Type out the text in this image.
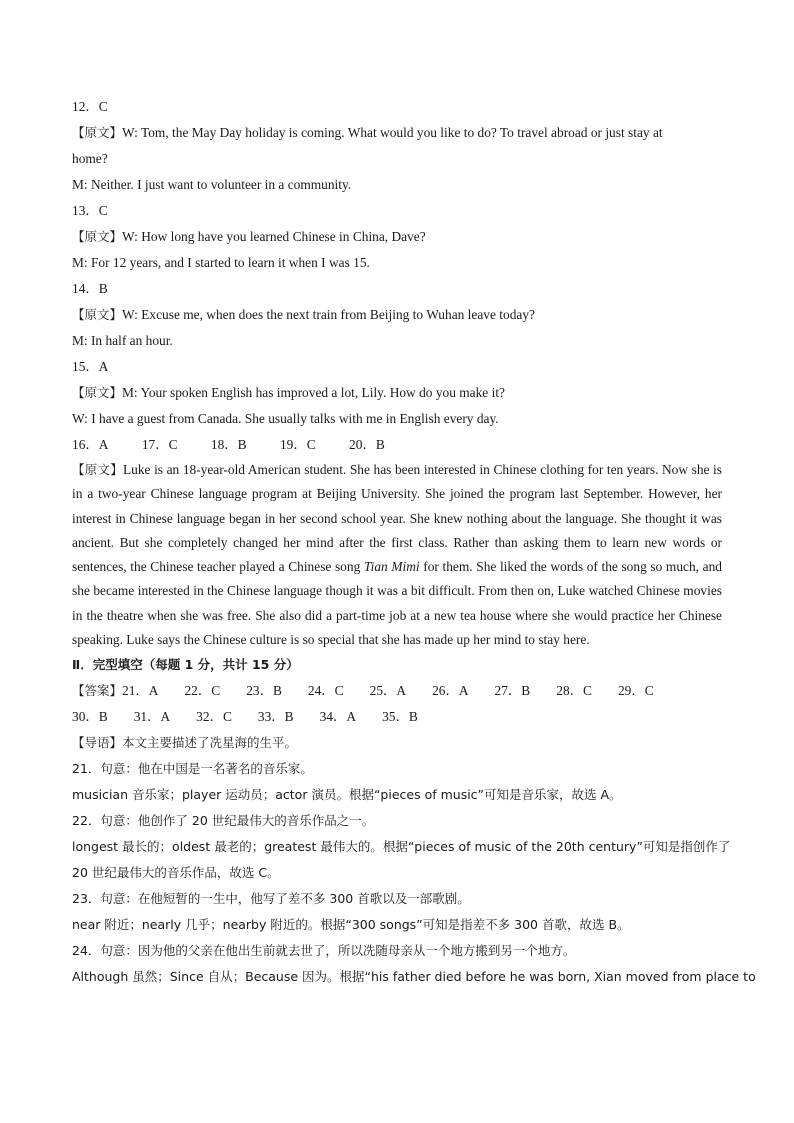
12．C
【原文】W: Tom, the May Day holiday is coming. What would you like to do? To travel abroad or just stay at
home?
M: Neither. I just want to volunteer in a community.
13．C
【原文】W: How long have you learned Chinese in China, Dave?
M: For 12 years, and I started to learn it when I was 15.
14．B
【原文】W: Excuse me, when does the next train from Beijing to Wuhan leave today?
M: In half an hour.
15．A
【原文】M: Your spoken English has improved a lot, Lily. How do you make it?
W: I have a guest from Canada. She usually talks with me in English every day.
16．A 17．C 18．B 19．C 20．B
【原文】Luke is an 18-year-old American student. She has been interested in Chinese clothing for ten years. Now she is in a two-year Chinese language program at Beijing University. She joined the program last September. However, her interest in Chinese language began in her second school year. She knew nothing about the language. She thought it was ancient. But she completely changed her mind after the first class. Rather than asking them to learn new words or sentences, the Chinese teacher played a Chinese song Tian Mimi for them. She liked the words of the song so much, and she became interested in the Chinese language though it was a bit difficult. From then on, Luke watched Chinese movies in the theatre when she was free. She also did a part-time job at a new tea house where she would practice her Chinese speaking. Luke says the Chinese culture is so special that she has made up her mind to stay here.
Ⅱ．完型填空（每题 1 分，共计 15 分）
【答案】21．A 22．C 23．B 24．C 25．A 26．A 27．B 28．C 29．C
30．B 31．A 32．C 33．B 34．A 35．B
【导语】本文主要描述了冼星海的生平。
21．句意：他在中国是一名著名的音乐家。
musician 音乐家；player 运动员；actor 演员。根据“pieces of music”可知是音乐家，故选 A。
22．句意：他创作了 20 世纪最伟大的音乐作品之一。
longest 最长的；oldest 最老的；greatest 最伟大的。根据“pieces of music of the 20th century”可知是指创作了
20 世纪最伟大的音乐作品，故选 C。
23．句意：在他短暂的一生中，他写了差不多 300 首歌以及一部歌剧。
near 附近；nearly 几乎；nearby 附近的。根据“300 songs”可知是指差不多 300 首歌，故选 B。
24．句意：因为他的父亲在他出生前就去世了，所以冼随母亲从一个地方搬到另一个地方。
Although 虽然；Since 自从；Because 因为。根据“his father died before he was born, Xian moved from place to
